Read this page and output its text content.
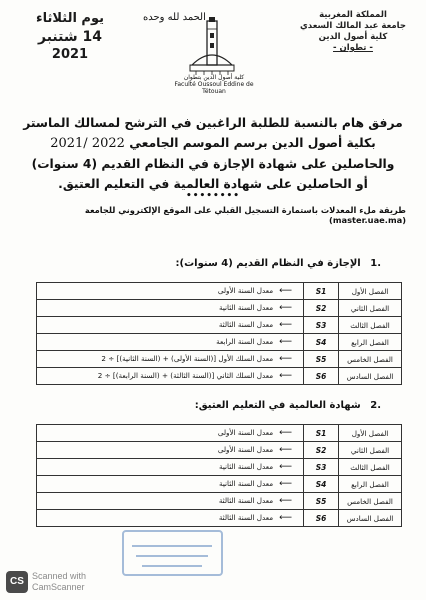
يوم الثلاثاء
14 شتنبر
2021
الحمد لله وحده
كلية أصول الدين بتطوان
Faculté Oussoul Eddine de Tétouan
المملكة المغربية
جامعة عبد المالك السعدي
كلية أصول الدين
- تطوان -
مرفق هام بالنسبة للطلبة الراغبين في الترشح لمسالك الماستر
بكلية أصول الدين برسم الموسم الجامعي 2022 /2021
والحاصلين على شهادة الإجازة في النظام القديم (4 سنوات)
أو الحاصلين على شهادة العالمية في التعليم العتيق.
••••••••
طريقة ملء المعدلات باستمارة التسجيل القبلي على الموقع الإلكتروني للجامعة (master.uae.ma)
.1 الإجازة في النظام القديم (4 سنوات):
الفصل الأول	S1	⟵معدل السنة الأولى
الفصل الثاني	S2	⟵معدل السنة الثانية
الفصل الثالث	S3	⟵معدل السنة الثالثة
الفصل الرابع	S4	⟵معدل السنة الرابعة
الفصل الخامس	S5	⟵معدل السلك الأول [(السنة الأولى) + (السنة الثانية)] ÷ 2
الفصل السادس	S6	⟵معدل السلك الثاني [(السنة الثالثة) + (السنة الرابعة)] ÷ 2
.2 شهادة العالمية في التعليم العتيق:
الفصل الأول	S1	⟵معدل السنة الأولى
الفصل الثاني	S2	⟵معدل السنة الأولى
الفصل الثالث	S3	⟵معدل السنة الثانية
الفصل الرابع	S4	⟵معدل السنة الثانية
الفصل الخامس	S5	⟵معدل السنة الثالثة
الفصل السادس	S6	⟵معدل السنة الثالثة
CS Scanned with
CamScanner
